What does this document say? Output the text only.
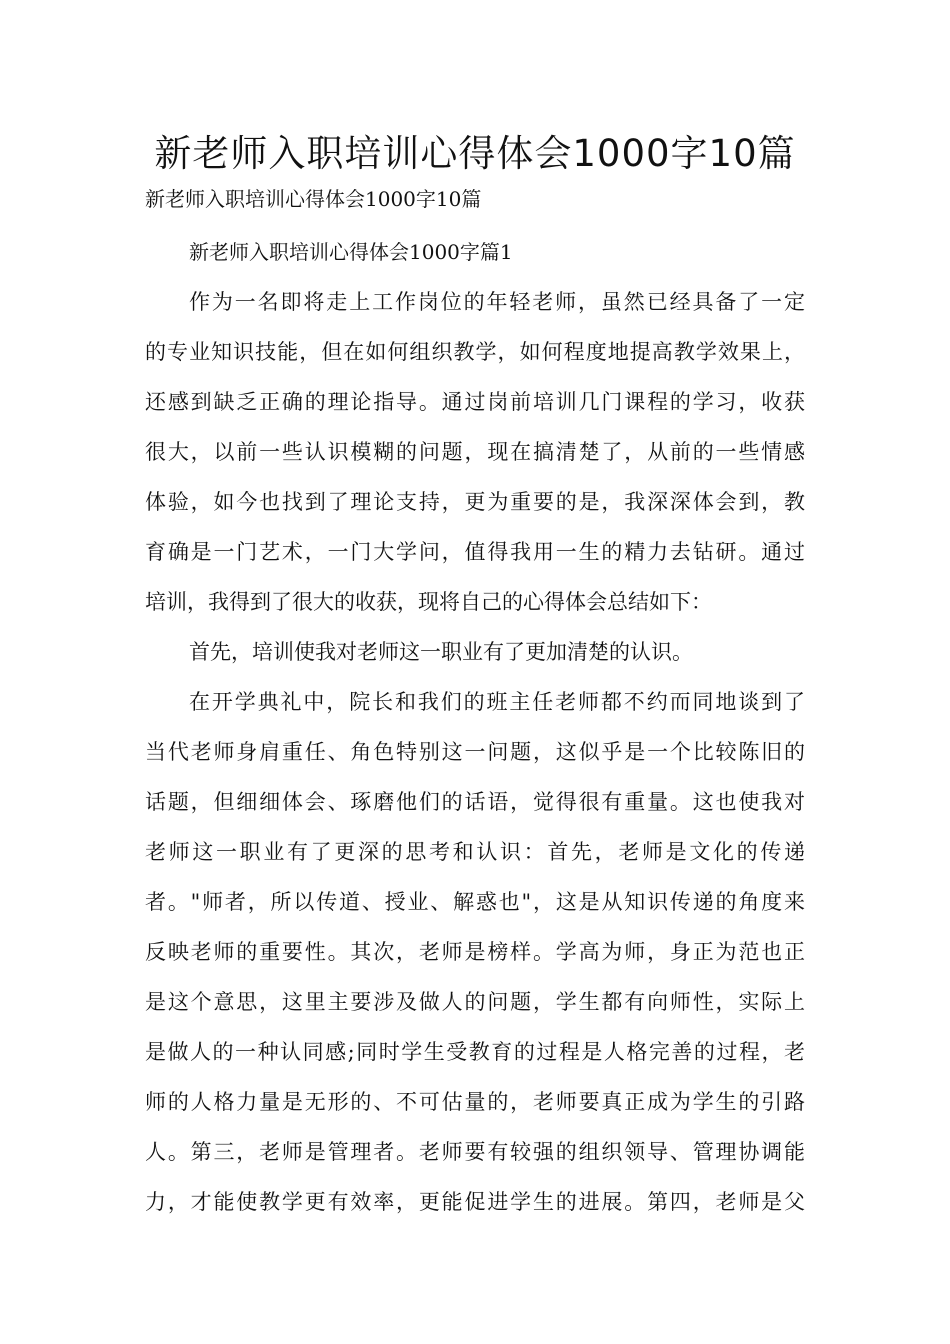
新老师入职培训心得体会1000字10篇

新老师入职培训心得体会1000字10篇

新老师入职培训心得体会1000字篇1

作为一名即将走上工作岗位的年轻老师，虽然已经具备了一定

的专业知识技能，但在如何组织教学，如何程度地提高教学效果上，

还感到缺乏正确的理论指导。通过岗前培训几门课程的学习，收获

很大，以前一些认识模糊的问题，现在搞清楚了，从前的一些情感

体验，如今也找到了理论支持，更为重要的是，我深深体会到，教

育确是一门艺术，一门大学问，值得我用一生的精力去钻研。通过

培训，我得到了很大的收获，现将自己的心得体会总结如下：

首先，培训使我对老师这一职业有了更加清楚的认识。

在开学典礼中，院长和我们的班主任老师都不约而同地谈到了

当代老师身肩重任、角色特别这一问题，这似乎是一个比较陈旧的

话题，但细细体会、琢磨他们的话语，觉得很有重量。这也使我对

老师这一职业有了更深的思考和认识：首先，老师是文化的传递

者。"师者，所以传道、授业、解惑也"，这是从知识传递的角度来

反映老师的重要性。其次，老师是榜样。学高为师，身正为范也正

是这个意思，这里主要涉及做人的问题，学生都有向师性，实际上

是做人的一种认同感;同时学生受教育的过程是人格完善的过程，老

师的人格力量是无形的、不可估量的，老师要真正成为学生的引路

人。第三，老师是管理者。老师要有较强的组织领导、管理协调能

力，才能使教学更有效率，更能促进学生的进展。第四，老师是父
